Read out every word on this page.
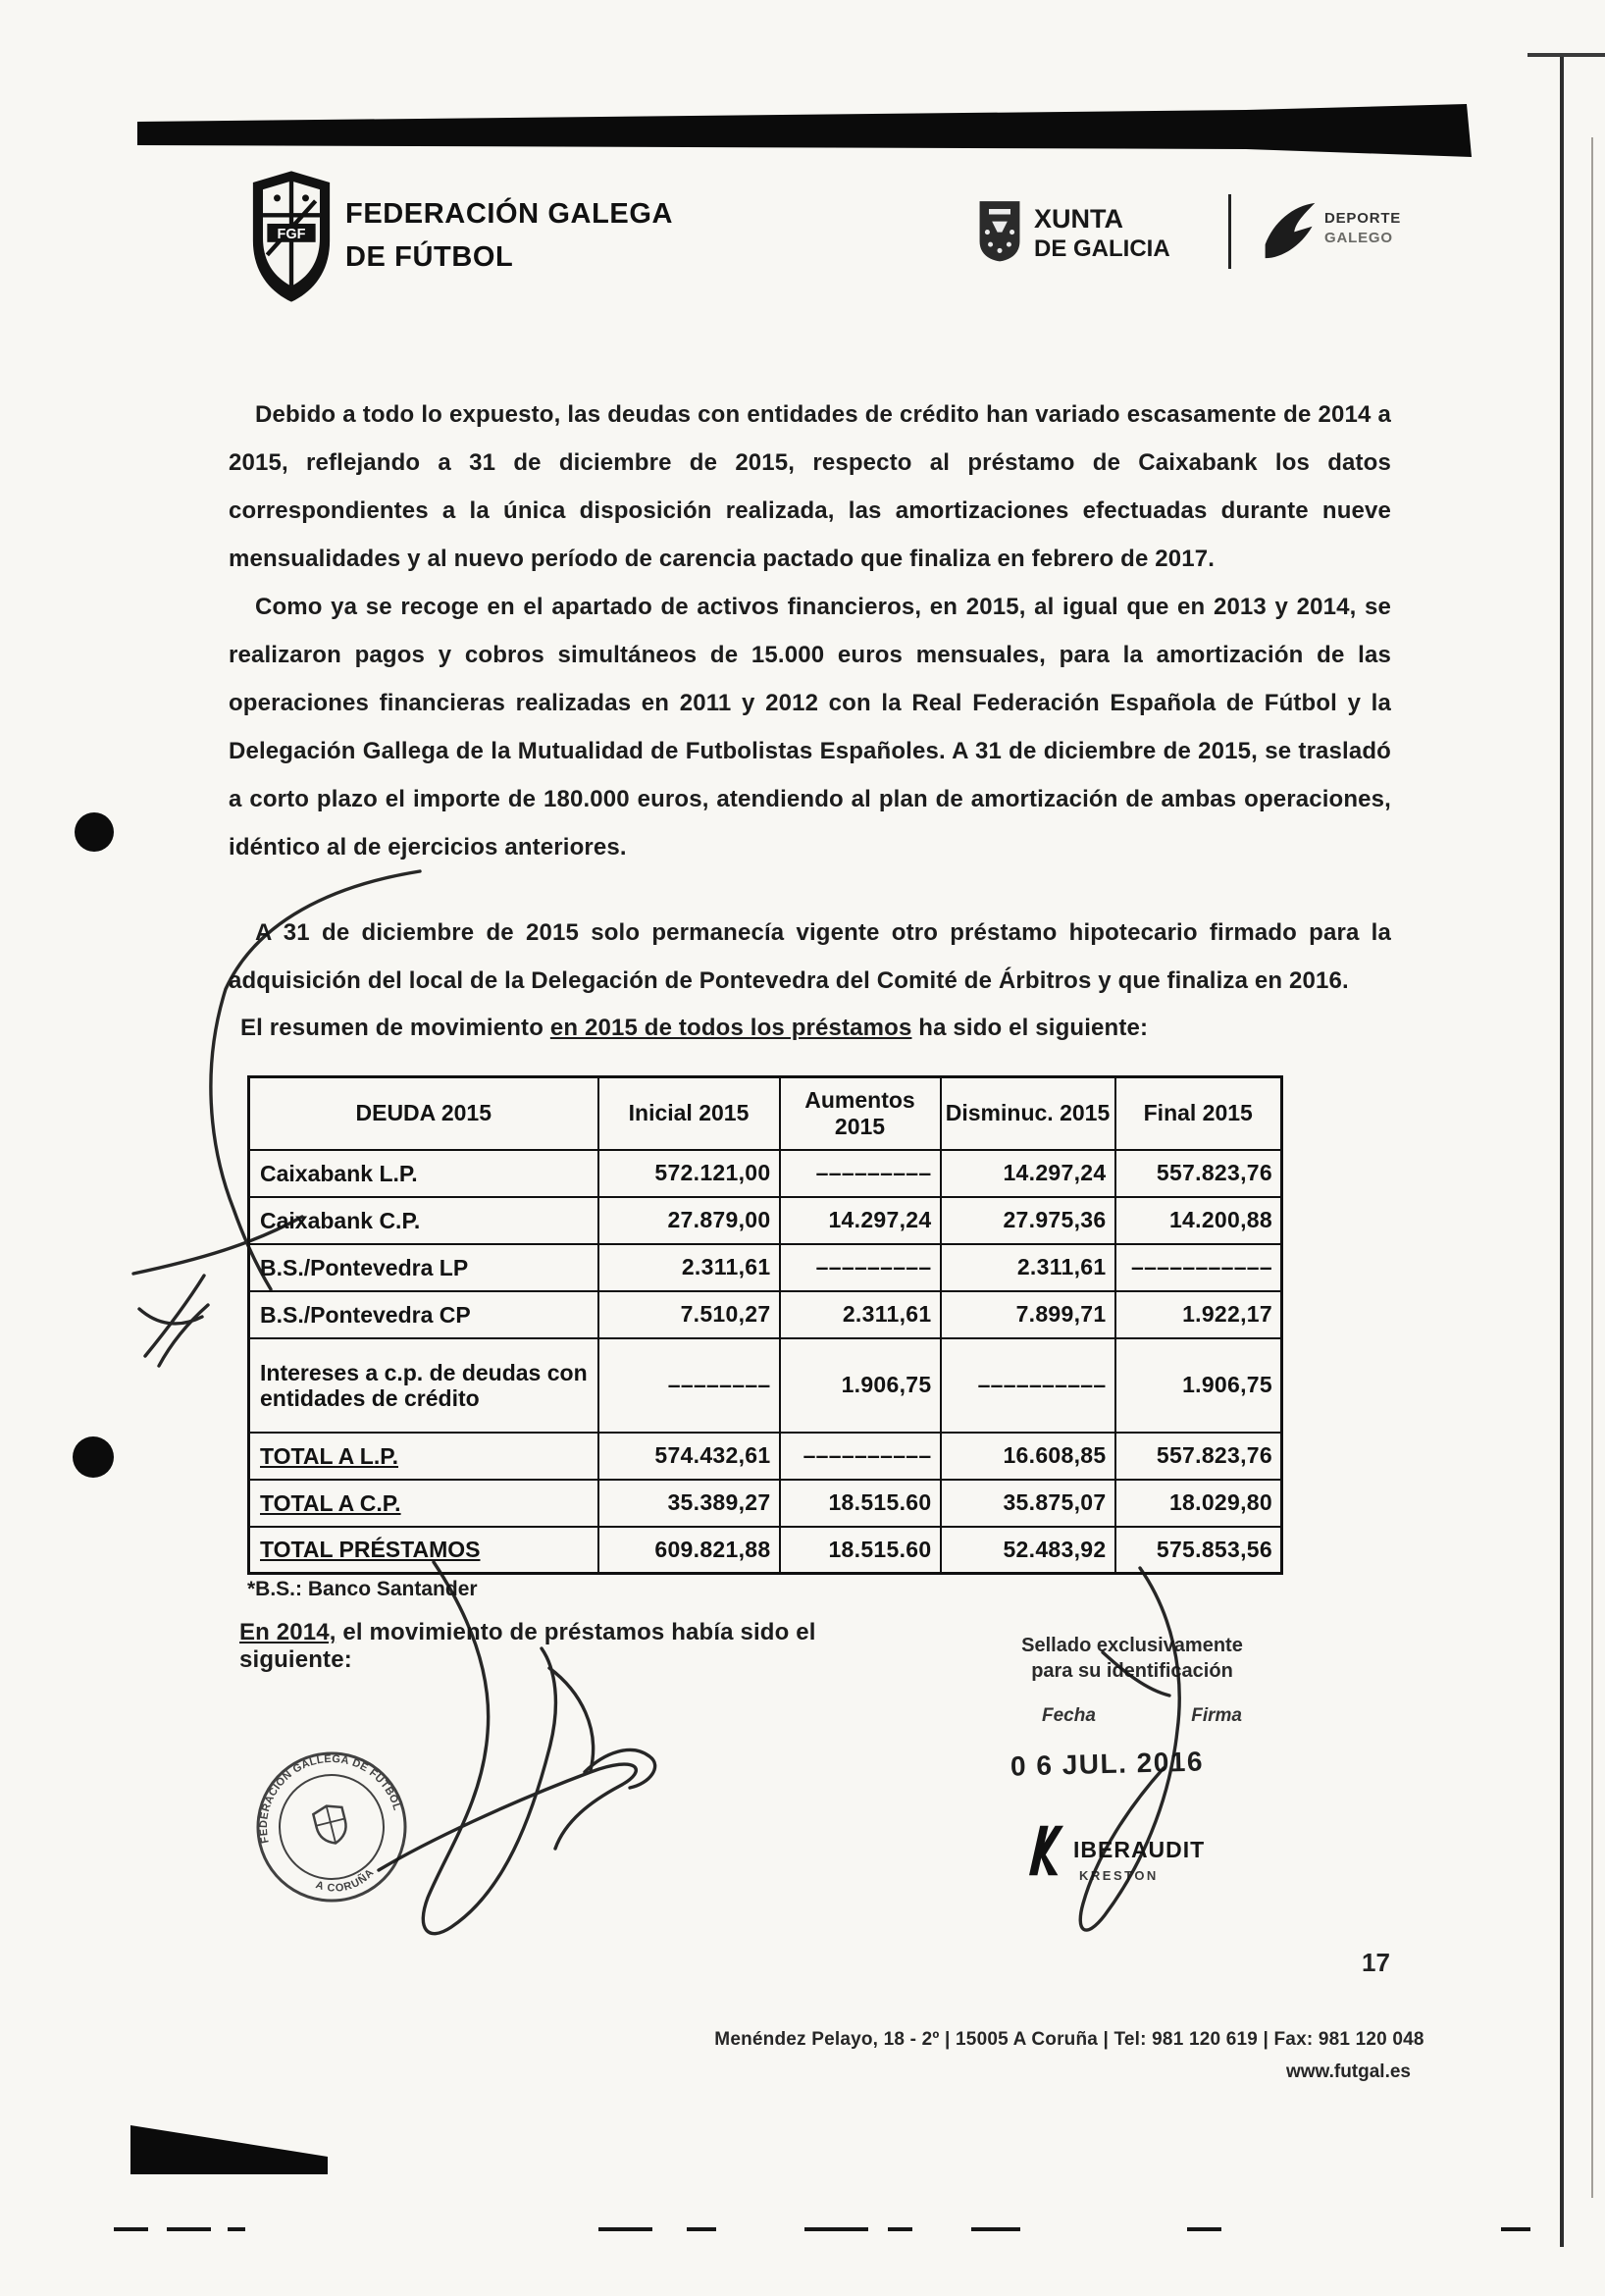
FGF
FEDERACIÓN GALEGA
DE FÚTBOL
XUNTA
DE GALICIA
DEPORTE
GALEGO
Debido a todo lo expuesto, las deudas con entidades de crédito han variado escasamente de 2014 a 2015, reflejando a 31 de diciembre de 2015, respecto al préstamo de Caixabank los datos correspondientes a la única disposición realizada, las amortizaciones efectuadas durante nueve mensualidades y al nuevo período de carencia pactado que finaliza en febrero de 2017.
Como ya se recoge en el apartado de activos financieros, en 2015, al igual que en 2013 y 2014, se realizaron pagos y cobros simultáneos de 15.000 euros mensuales, para la amortización de las operaciones financieras realizadas en 2011 y 2012 con la Real Federación Española de Fútbol y la Delegación Gallega de la Mutualidad de Futbolistas Españoles. A 31 de diciembre de 2015, se trasladó a corto plazo el importe de 180.000 euros, atendiendo al plan de amortización de ambas operaciones, idéntico al de ejercicios anteriores.
A 31 de diciembre de 2015 solo permanecía vigente otro préstamo hipotecario firmado para la adquisición del local de la Delegación de Pontevedra del Comité de Árbitros y que finaliza en 2016.
El resumen de movimiento en 2015 de todos los préstamos ha sido el siguiente:
DEUDA 2015	Inicial 2015	Aumentos 2015	Disminuc. 2015	Final 2015
Caixabank L.P.	572.121,00	–––––––––	14.297,24	557.823,76
Caixabank C.P.	27.879,00	14.297,24	27.975,36	14.200,88
B.S./Pontevedra LP	2.311,61	–––––––––	2.311,61	–––––––––––
B.S./Pontevedra CP	7.510,27	2.311,61	7.899,71	1.922,17
Intereses a c.p. de deudas con entidades de crédito	––––––––	1.906,75	––––––––––	1.906,75
TOTAL A L.P.	574.432,61	––––––––––	16.608,85	557.823,76
TOTAL A C.P.	35.389,27	18.515.60	35.875,07	18.029,80
TOTAL PRÉSTAMOS	609.821,88	18.515.60	52.483,92	575.853,56
*B.S.: Banco Santander
En 2014, el movimiento de préstamos había sido el siguiente:
Sellado exclusivamente
para su identificación
Fecha	Firma
0 6 JUL. 2016
IBERAUDIT
KRESTON
FEDERACIÓN GALLEGA DE FÚTBOL
A CORUÑA
17
Menéndez Pelayo, 18 - 2º | 15005 A Coruña | Tel: 981 120 619 | Fax: 981 120 048
www.futgal.es
